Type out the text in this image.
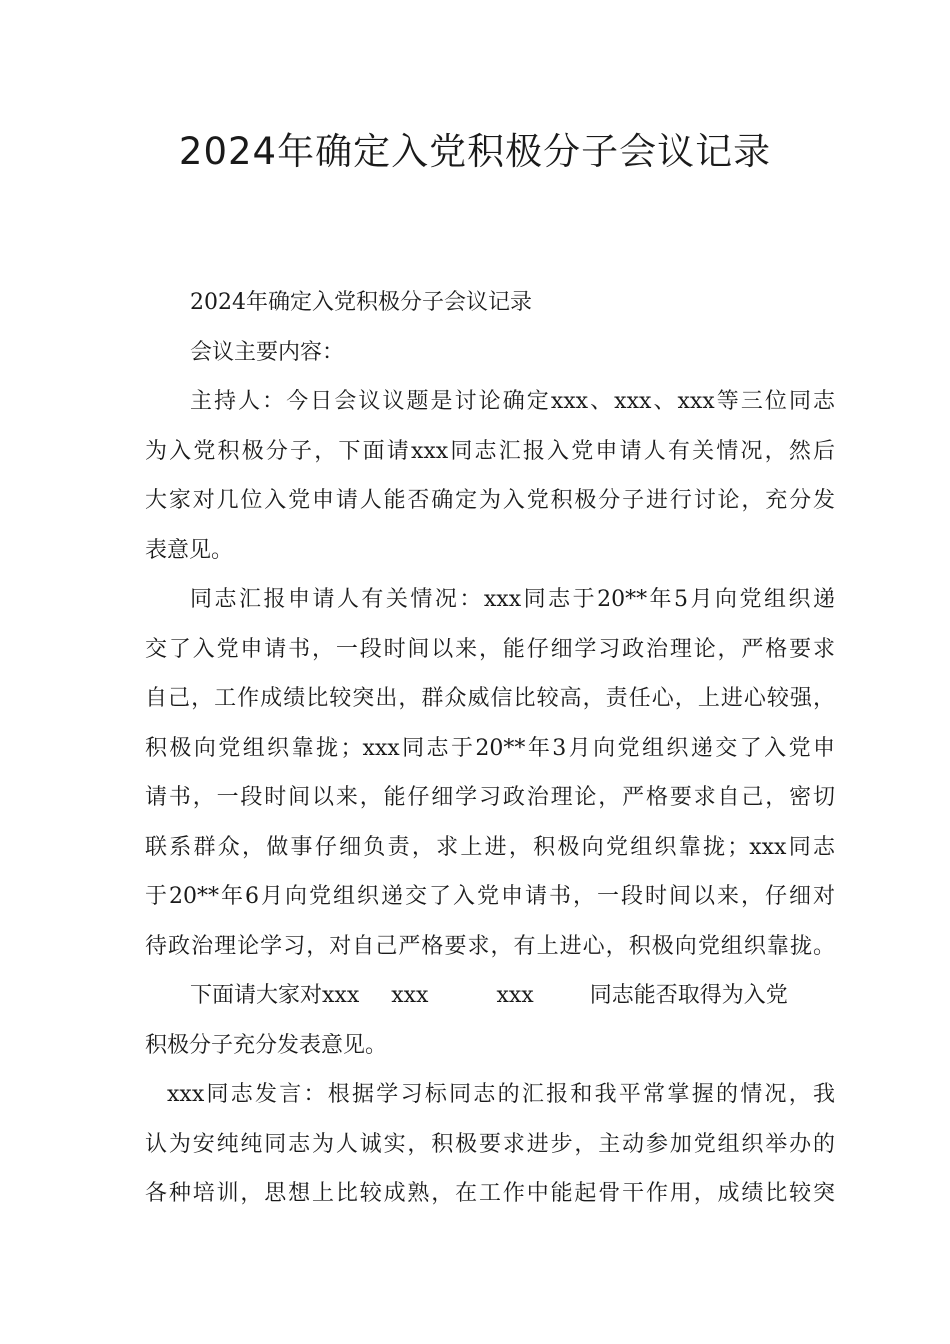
2024年确定入党积极分子会议记录
2024年确定入党积极分子会议记录
会议主要内容：
主持人：今日会议议题是讨论确定xxx、xxx、xxx等三位同志
为入党积极分子，下面请xxx同志汇报入党申请人有关情况，然后
大家对几位入党申请人能否确定为入党积极分子进行讨论，充分发
表意见。
同志汇报申请人有关情况：xxx同志于20**年5月向党组织递
交了入党申请书，一段时间以来，能仔细学习政治理论，严格要求
自己，工作成绩比较突出，群众威信比较高，责任心，上进心较强，
积极向党组织靠拢；xxx同志于20**年3月向党组织递交了入党申
请书，一段时间以来，能仔细学习政治理论，严格要求自己，密切
联系群众，做事仔细负责，求上进，积极向党组织靠拢；xxx同志
于20**年6月向党组织递交了入党申请书，一段时间以来，仔细对
待政治理论学习，对自己严格要求，有上进心，积极向党组织靠拢。
下面请大家对xxx xxx	xxx	同志能否取得为入党
积极分子充分发表意见。
xxx同志发言：根据学习标同志的汇报和我平常掌握的情况，我
认为安纯纯同志为人诚实，积极要求进步，主动参加党组织举办的
各种培训，思想上比较成熟，在工作中能起骨干作用，成绩比较突
